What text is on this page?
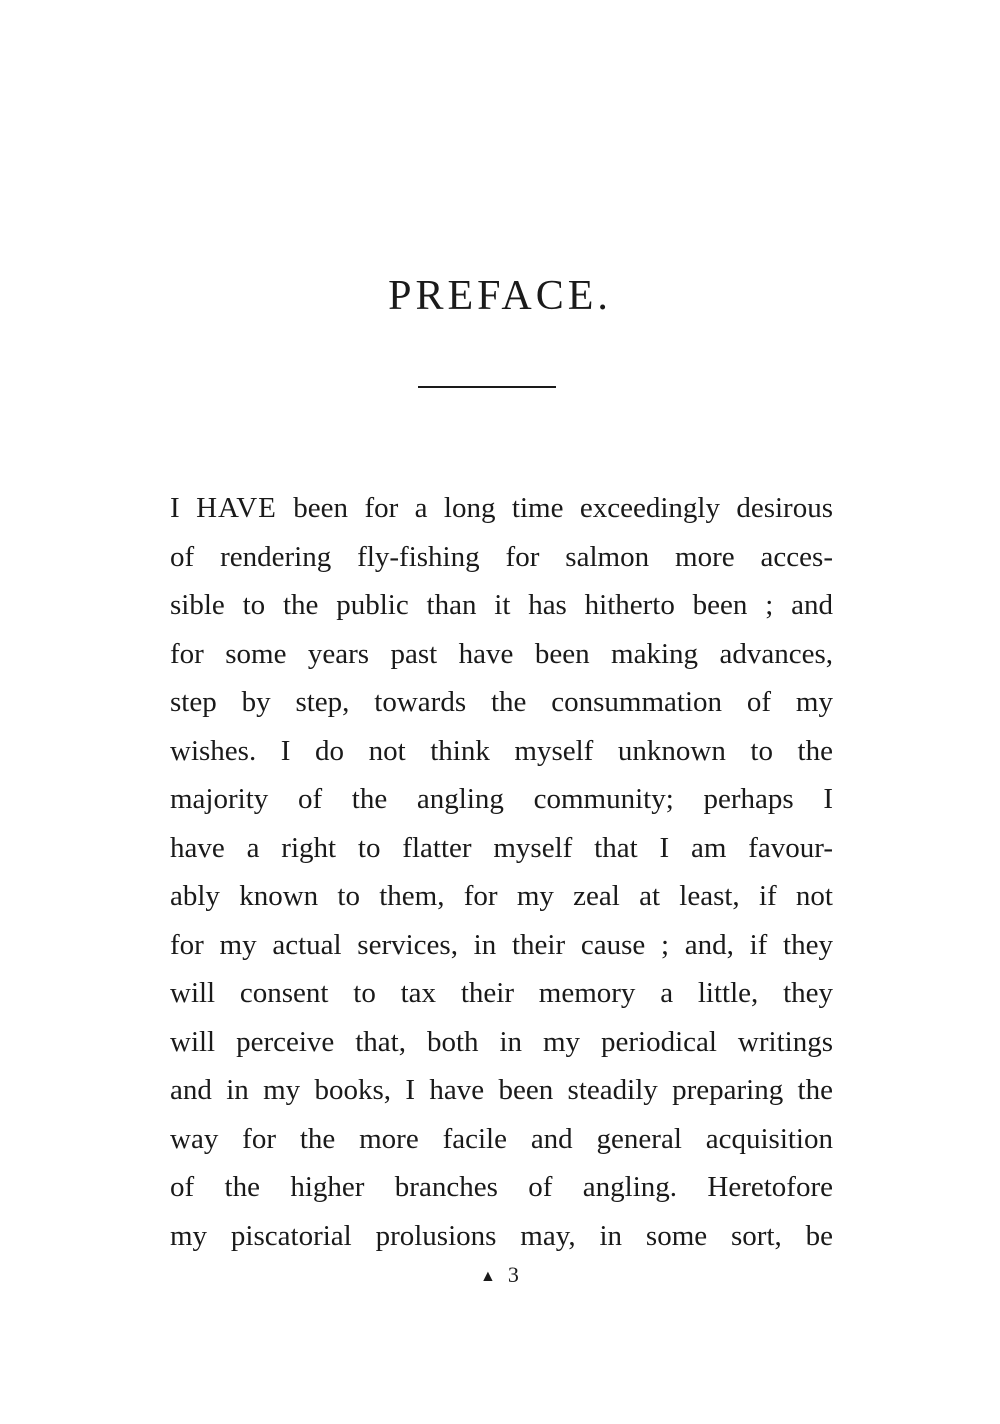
PREFACE.
I HAVE been for a long time exceedingly desirous
of rendering fly-fishing for salmon more acces-
sible to the public than it has hitherto been ; and
for some years past have been making advances,
step by step, towards the consummation of my
wishes. I do not think myself unknown to the
majority of the angling community; perhaps I
have a right to flatter myself that I am favour-
ably known to them, for my zeal at least, if not
for my actual services, in their cause ; and, if they
will consent to tax their memory a little, they
will perceive that, both in my periodical writings
and in my books, I have been steadily preparing the
way for the more facile and general acquisition
of the higher branches of angling. Heretofore
my piscatorial prolusions may, in some sort, be
▲ 3
